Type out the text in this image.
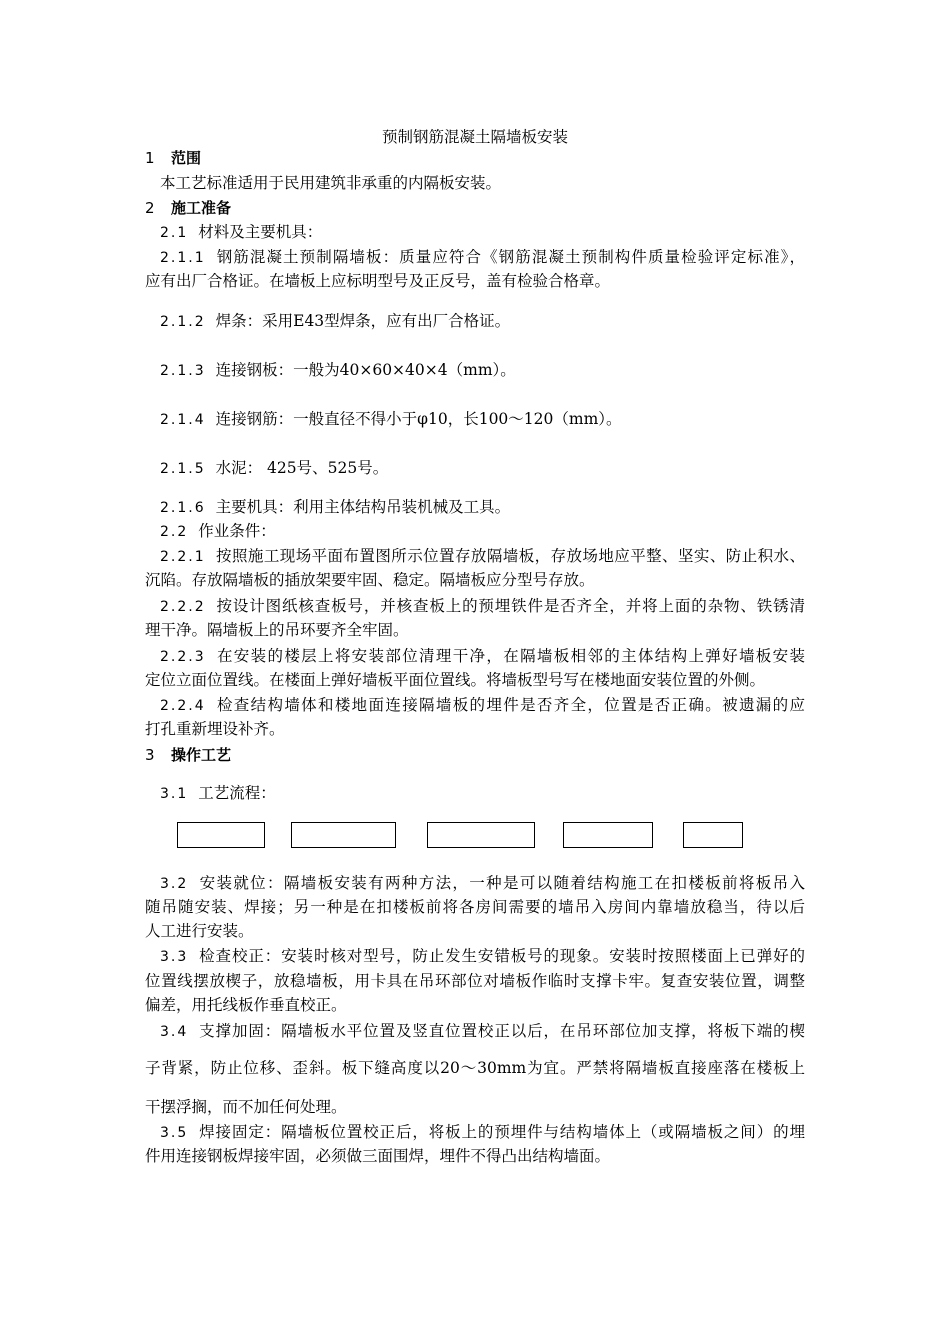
预制钢筋混凝土隔墙板安装
1 范围
本工艺标准适用于民用建筑非承重的内隔板安装。
2 施工准备
2.1 材料及主要机具：
2.1.1 钢筋混凝土预制隔墙板：质量应符合《钢筋混凝土预制构件质量检验评定标准》，
应有出厂合格证。在墙板上应标明型号及正反号，盖有检验合格章。
2.1.2 焊条：采用E43型焊条，应有出厂合格证。
2.1.3 连接钢板：一般为40×60×40×4（mm）。
2.1.4 连接钢筋：一般直径不得小于φ10，长100～120（mm）。
2.1.5 水泥： 425号、525号。
2.1.6 主要机具：利用主体结构吊装机械及工具。
2.2 作业条件：
2.2.1 按照施工现场平面布置图所示位置存放隔墙板，存放场地应平整、坚实、防止积水、
沉陷。存放隔墙板的插放架要牢固、稳定。隔墙板应分型号存放。
2.2.2 按设计图纸核查板号，并核查板上的预埋铁件是否齐全，并将上面的杂物、铁锈清
理干净。隔墙板上的吊环要齐全牢固。
2.2.3 在安装的楼层上将安装部位清理干净，在隔墙板相邻的主体结构上弹好墙板安装
定位立面位置线。在楼面上弹好墙板平面位置线。将墙板型号写在楼地面安装位置的外侧。
2.2.4 检查结构墙体和楼地面连接隔墙板的埋件是否齐全，位置是否正确。被遗漏的应
打孔重新埋设补齐。
3 操作工艺
3.1 工艺流程：
3.2 安装就位：隔墙板安装有两种方法，一种是可以随着结构施工在扣楼板前将板吊入
随吊随安装、焊接；另一种是在扣楼板前将各房间需要的墙吊入房间内靠墙放稳当，待以后
人工进行安装。
3.3 检查校正：安装时核对型号，防止发生安错板号的现象。安装时按照楼面上已弹好的
位置线摆放楔子，放稳墙板，用卡具在吊环部位对墙板作临时支撑卡牢。复查安装位置，调整
偏差，用托线板作垂直校正。
3.4 支撑加固：隔墙板水平位置及竖直位置校正以后，在吊环部位加支撑，将板下端的楔
子背紧，防止位移、歪斜。板下缝高度以20～30mm为宜。严禁将隔墙板直接座落在楼板上
干摆浮搁，而不加任何处理。
3.5 焊接固定：隔墙板位置校正后，将板上的预埋件与结构墙体上（或隔墙板之间）的埋
件用连接钢板焊接牢固，必须做三面围焊，埋件不得凸出结构墙面。
